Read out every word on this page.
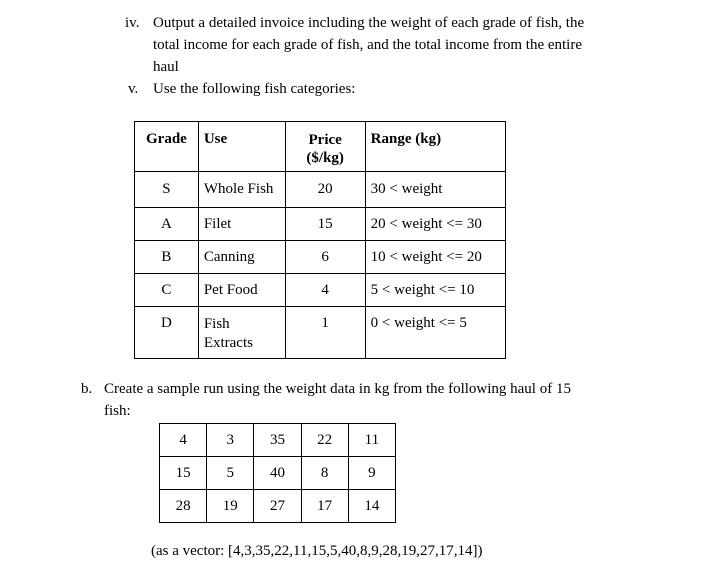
iv. Output a detailed invoice including the weight of each grade of fish, the
total income for each grade of fish, and the total income from the entire
haul
v. Use the following fish categories:
Grade	Use	Price ($/kg)	Range (kg)
S	Whole Fish	20	30 < weight
A	Filet	15	20 < weight <= 30
B	Canning	6	10 < weight <= 20
C	Pet Food	4	5 < weight <= 10
D	Fish Extracts	1	0 < weight <= 5
b. Create a sample run using the weight data in kg from the following haul of 15
fish:
4	3	35	22	11
15	5	40	8	9
28	19	27	17	14
(as a vector: [4,3,35,22,11,15,5,40,8,9,28,19,27,17,14])
